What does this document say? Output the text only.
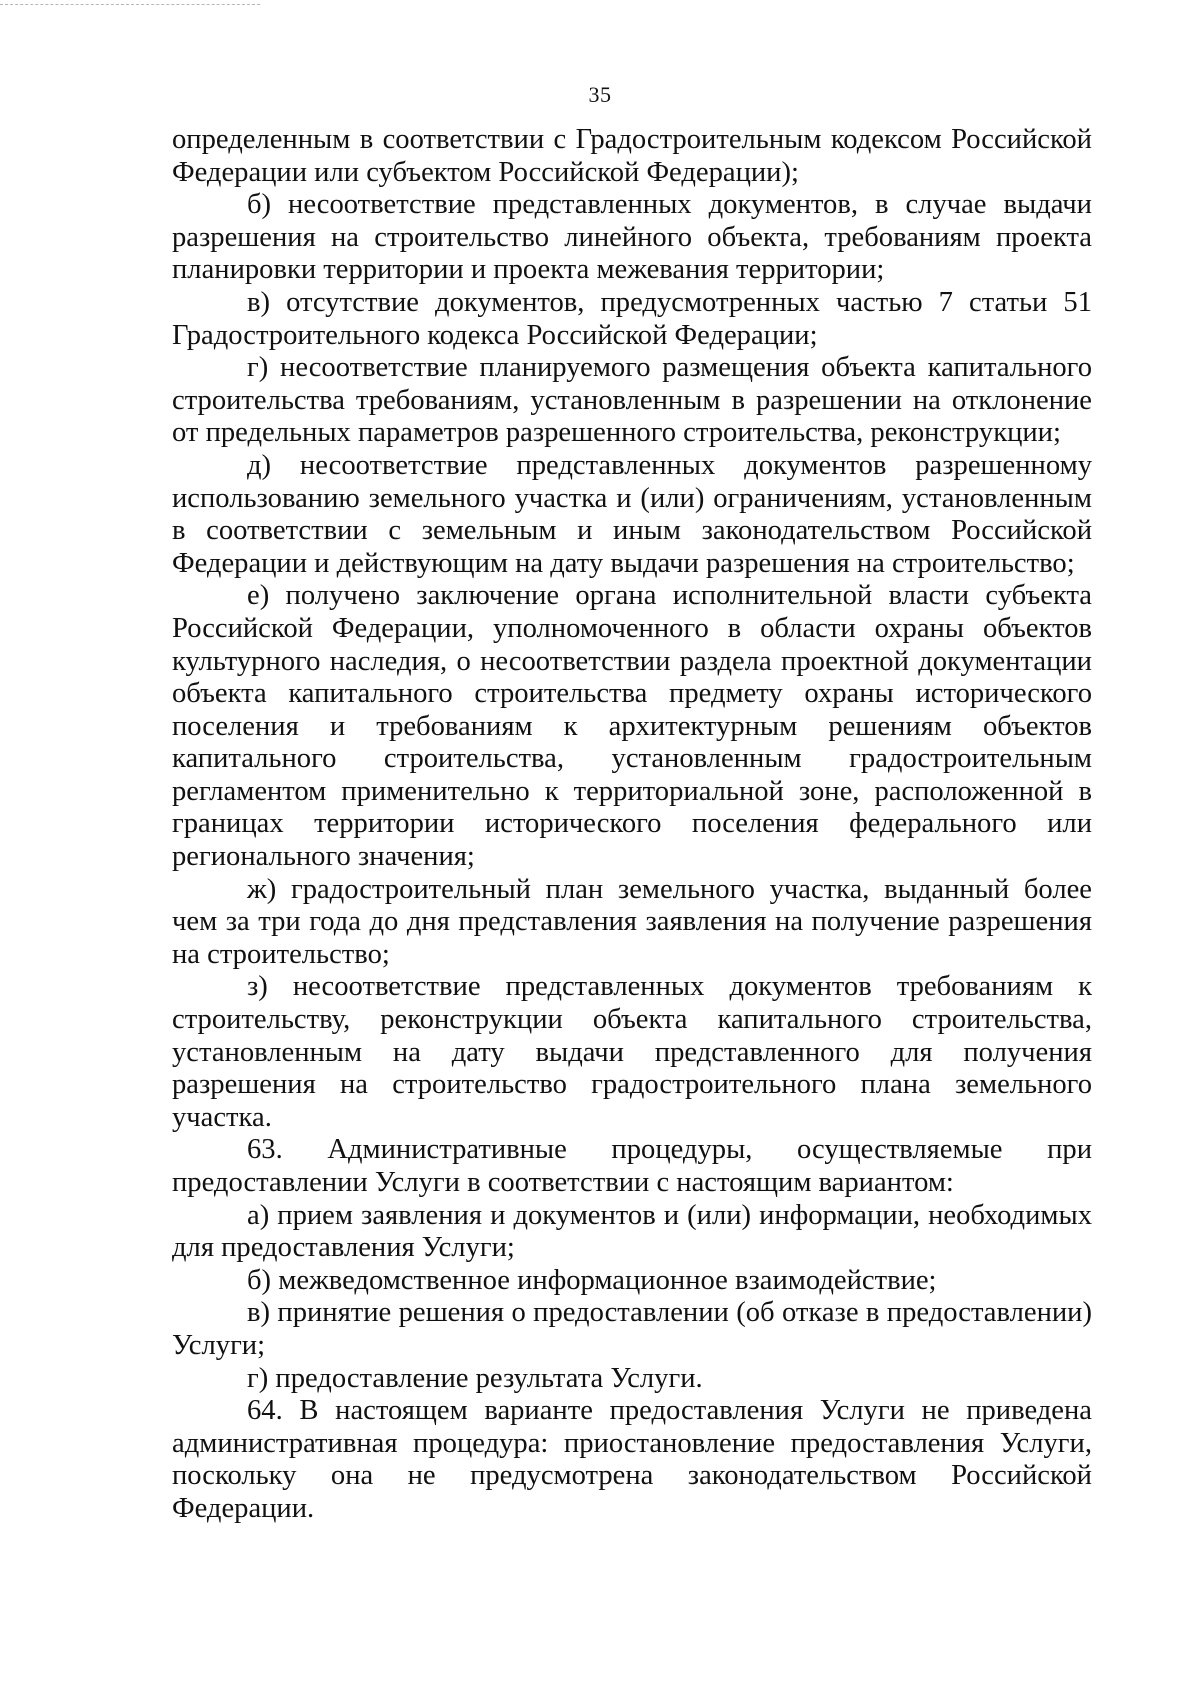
35

определенным в соответствии с Градостроительным кодексом Российской Федерации или субъектом Российской Федерации);

б) несоответствие представленных документов, в случае выдачи разрешения на строительство линейного объекта, требованиям проекта планировки территории и проекта межевания территории;

в) отсутствие документов, предусмотренных частью 7 статьи 51 Градостроительного кодекса Российской Федерации;

г) несоответствие планируемого размещения объекта капитального строительства требованиям, установленным в разрешении на отклонение от предельных параметров разрешенного строительства, реконструкции;

д) несоответствие представленных документов разрешенному использованию земельного участка и (или) ограничениям, установленным в соответствии с земельным и иным законодательством Российской Федерации и действующим на дату выдачи разрешения на строительство;

е) получено заключение органа исполнительной власти субъекта Российской Федерации, уполномоченного в области охраны объектов культурного наследия, о несоответствии раздела проектной документации объекта капитального строительства предмету охраны исторического поселения и требованиям к архитектурным решениям объектов капитального строительства, установленным градостроительным регламентом применительно к территориальной зоне, расположенной в границах территории исторического поселения федерального или регионального значения;

ж) градостроительный план земельного участка, выданный более чем за три года до дня представления заявления на получение разрешения на строительство;

з) несоответствие представленных документов требованиям к строительству, реконструкции объекта капитального строительства, установленным на дату выдачи представленного для получения разрешения на строительство градостроительного плана земельного участка.

63. Административные процедуры, осуществляемые при предоставлении Услуги в соответствии с настоящим вариантом:

а) прием заявления и документов и (или) информации, необходимых для предоставления Услуги;

б) межведомственное информационное взаимодействие;

в) принятие решения о предоставлении (об отказе в предоставлении) Услуги;

г) предоставление результата Услуги.

64. В настоящем варианте предоставления Услуги не приведена административная процедура: приостановление предоставления Услуги, поскольку она не предусмотрена законодательством Российской Федерации.
